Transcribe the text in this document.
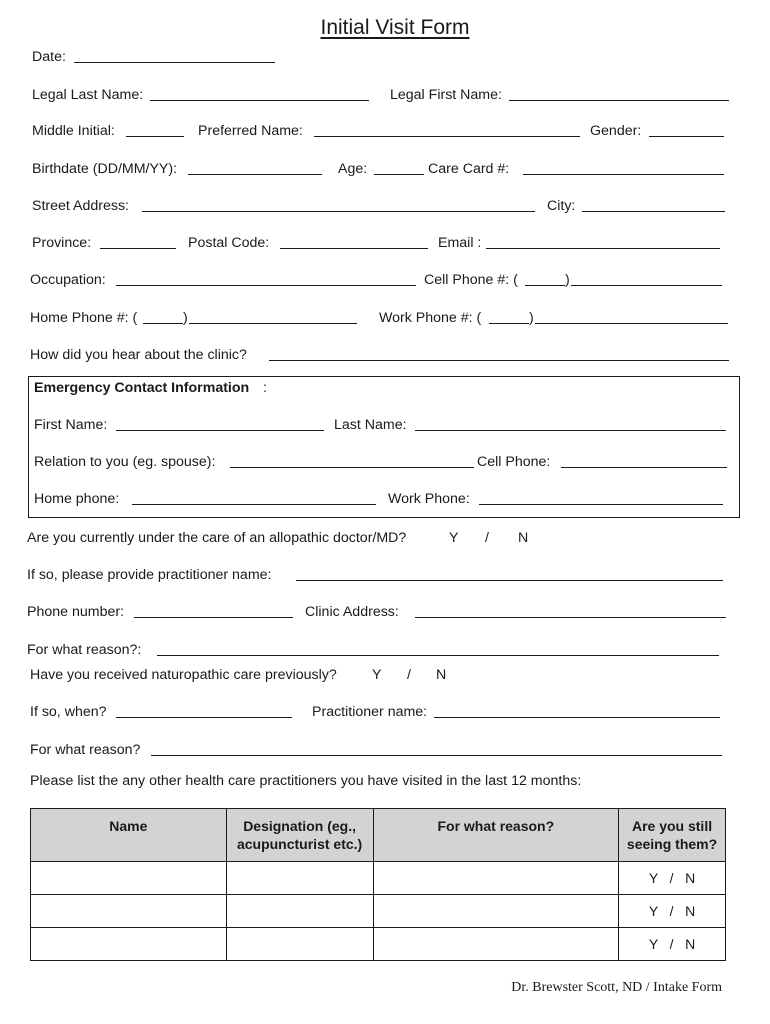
Initial Visit Form
Date:
Legal Last Name:	Legal First Name:
Middle Initial:	Preferred Name:	Gender:
Birthdate (DD/MM/YY):	Age:	Care Card #:
Street Address:	City:
Province:	Postal Code:	Email :
Occupation:	Cell Phone #: (	)
Home Phone #: (	)	Work Phone #: (	)
How did you hear about the clinic?
Emergency Contact Information :
First Name:	Last Name:
Relation to you (eg. spouse):	Cell Phone:
Home phone:	Work Phone:
Are you currently under the care of an allopathic doctor/MD?	Y / N
If so, please provide practitioner name:
Phone number:	Clinic Address:
For what reason?:
Have you received naturopathic care previously? Y / N
If so, when?	Practitioner name:
For what reason?
Please list the any other health care practitioners you have visited in the last 12 months:
Name	Designation (eg., acupuncturist etc.)	For what reason?	Are you still seeing them?
			Y   /   N
			Y   /   N
			Y   /   N
Dr. Brewster Scott, ND / Intake Form
